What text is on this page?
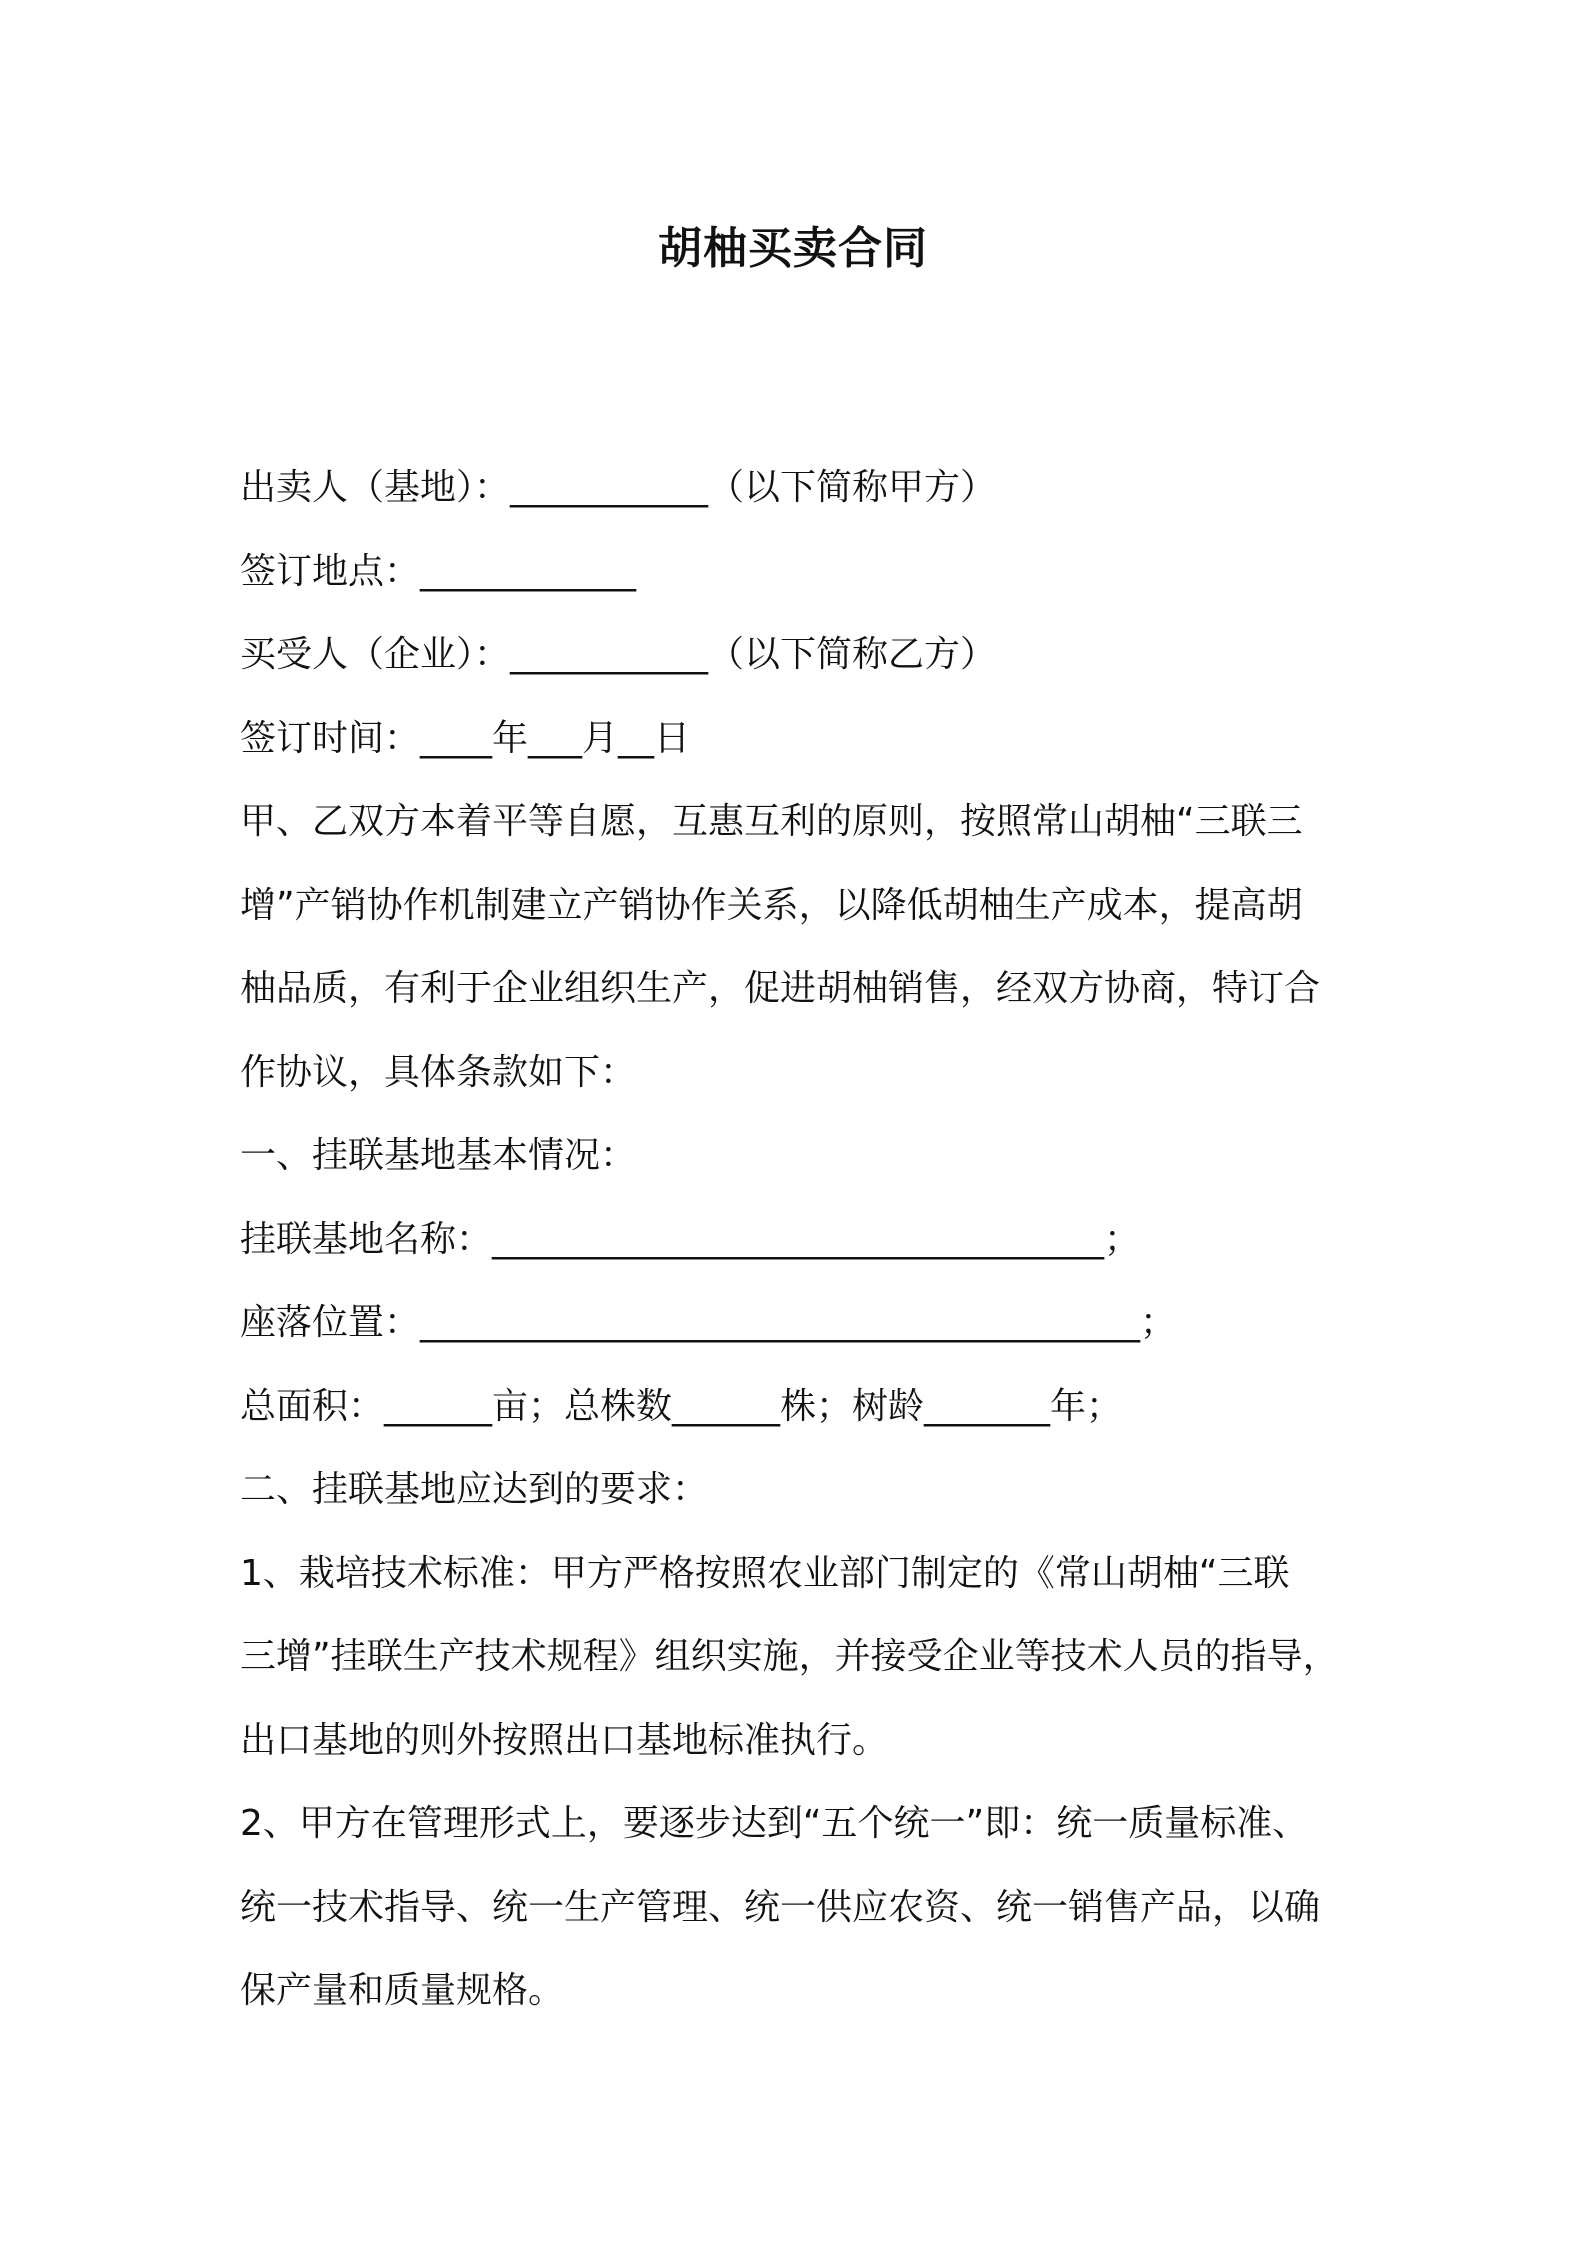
胡柚买卖合同
出卖人（基地）：___________（以下简称甲方）
签订地点：____________
买受人（企业）：___________（以下简称乙方）
签订时间：____年___月__日
甲、乙双方本着平等自愿，互惠互利的原则，按照常山胡柚“三联三
增”产销协作机制建立产销协作关系，以降低胡柚生产成本，提高胡
柚品质，有利于企业组织生产，促进胡柚销售，经双方协商，特订合
作协议，具体条款如下：
一、挂联基地基本情况：
挂联基地名称：__________________________________；
座落位置：________________________________________；
总面积：______亩；总株数______株；树龄_______年；
二、挂联基地应达到的要求：
1、栽培技术标准：甲方严格按照农业部门制定的《常山胡柚“三联
三增”挂联生产技术规程》组织实施，并接受企业等技术人员的指导，
出口基地的则外按照出口基地标准执行。
2、甲方在管理形式上，要逐步达到“五个统一”即：统一质量标准、
统一技术指导、统一生产管理、统一供应农资、统一销售产品，以确
保产量和质量规格。
